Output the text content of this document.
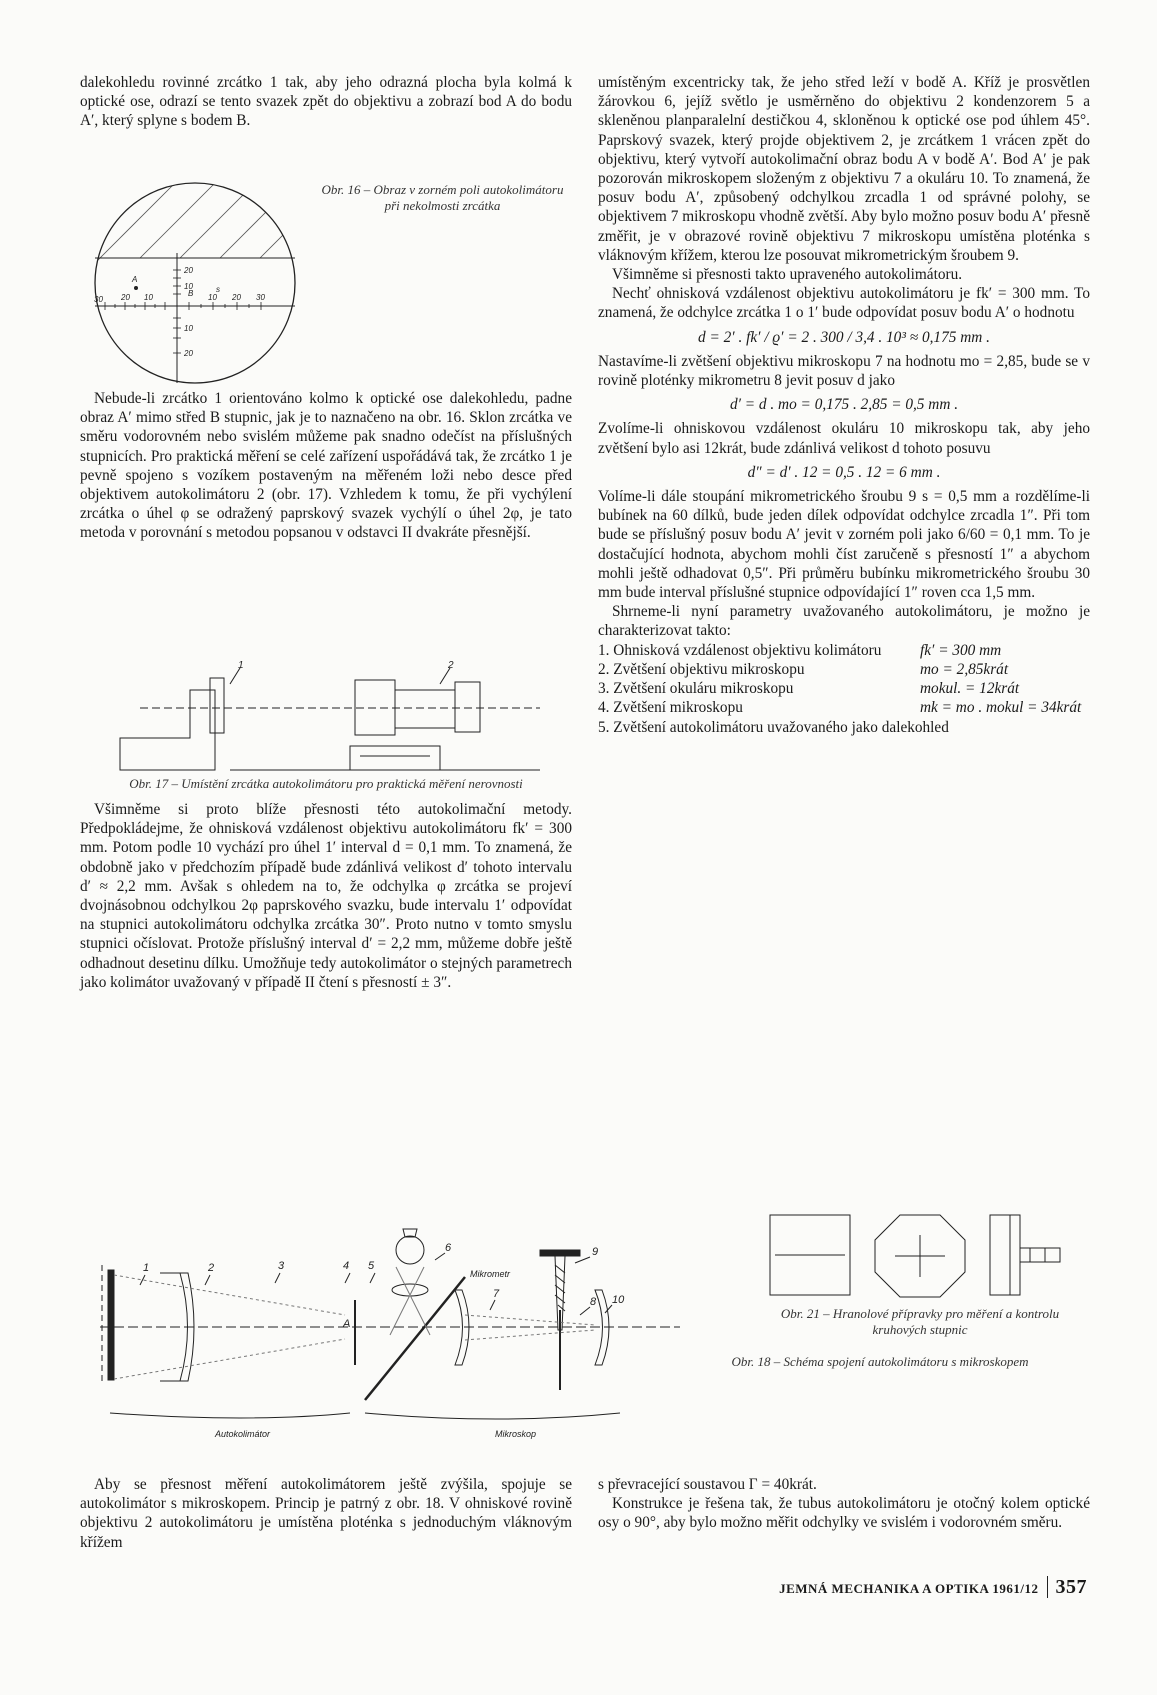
dalekohledu rovinné zrcátko 1 tak, aby jeho odrazná plocha byla kolmá k optické ose, odrazí se tento svazek zpět do objektivu a zobrazí bod A do bodu A′, který splyne s bodem B.

Nebude-li zrcátko 1 orientováno kolmo k optické ose dalekohledu, padne obraz A′ mimo střed B stupnic, jak je to naznačeno na obr. 16. Sklon zrcátka ve směru vodorovném nebo svislém můžeme pak snadno odečíst na příslušných stupnicích. Pro praktická měření se celé zařízení uspořádává tak, že zrcátko 1 je pevně spojeno s vozíkem postaveným na měřeném loži nebo desce před objektivem autokolimátoru 2 (obr. 17). Vzhledem k tomu, že při vychýlení zrcátka o úhel φ se odražený paprskový svazek vychýlí o úhel 2φ, je tato metoda v porovnání s metodou popsanou v odstavci II dvakráte přesnější.

Všimněme si proto blíže přesnosti této autokolimační metody. Předpokládejme, že ohnisková vzdálenost objektivu autokolimátoru fk′ = 300 mm. Potom podle 10 vychází pro úhel 1′ interval d = 0,1 mm. To znamená, že obdobně jako v předchozím případě bude zdánlivá velikost d′ tohoto intervalu d′ ≈ 2,2 mm. Avšak s ohledem na to, že odchylka φ zrcátka se projeví dvojnásobnou odchylkou 2φ paprskového svazku, bude intervalu 1′ odpovídat na stupnici autokolimátoru odchylka zrcátka 30″. Proto nutno v tomto smyslu stupnici očíslovat. Protože příslušný interval d′ = 2,2 mm, můžeme dobře ještě odhadnout desetinu dílku. Umožňuje tedy autokolimátor o stejných parametrech jako kolimátor uvažovaný v případě II čtení s přesností ± 3″.

A
B	s
30 20 10	10 20 30
20
10
10
20
Obr. 16 – Obraz v zorném poli autokolimátoru při nekolmosti zrcátka
1	2
Obr. 17 – Umístění zrcátka autokolimátoru pro praktická měření nerovnosti

umístěným excentricky tak, že jeho střed leží v bodě A. Kříž je prosvětlen žárovkou 6, jejíž světlo je usměrněno do objektivu 2 kondenzorem 5 a skleněnou planparalelní destičkou 4, skloněnou k optické ose pod úhlem 45°. Paprskový svazek, který projde objektivem 2, je zrcátkem 1 vrácen zpět do objektivu, který vytvoří autokolimační obraz bodu A v bodě A′. Bod A′ je pak pozorován mikroskopem složeným z objektivu 7 a okuláru 10. To znamená, že posuv bodu A′, způsobený odchylkou zrcadla 1 od správné polohy, se objektivem 7 mikroskopu vhodně zvětší. Aby bylo možno posuv bodu A′ přesně změřit, je v obrazové rovině objektivu 7 mikroskopu umístěna ploténka s vláknovým křížem, kterou lze posouvat mikrometrickým šroubem 9.

Všimněme si přesnosti takto upraveného autokolimátoru.

Nechť ohnisková vzdálenost objektivu autokolimátoru je fk′ = 300 mm. To znamená, že odchylce zrcátka 1 o 1′ bude odpovídat posuv bodu A′ o hodnotu

d = 2′ . fk′ / ϱ′ = 2 . 300 / 3,4 . 10³ ≈ 0,175 mm .

Nastavíme-li zvětšení objektivu mikroskopu 7 na hodnotu mo = 2,85, bude se v rovině ploténky mikrometru 8 jevit posuv d jako

d′ = d . mo = 0,175 . 2,85 = 0,5 mm .

Zvolíme-li ohniskovou vzdálenost okuláru 10 mikroskopu tak, aby jeho zvětšení bylo asi 12krát, bude zdánlivá velikost d tohoto posuvu

d″ = d′ . 12 = 0,5 . 12 = 6 mm .

Volíme-li dále stoupání mikrometrického šroubu 9 s = 0,5 mm a rozdělíme-li bubínek na 60 dílků, bude jeden dílek odpovídat odchylce zrcadla 1″. Při tom bude se příslušný posuv bodu A′ jevit v zorném poli jako 6/60 = 0,1 mm. To je dostačující hodnota, abychom mohli číst zaručeně s přesností 1″ a abychom mohli ještě odhadovat 0,5″. Při průměru bubínku mikrometrického šroubu 30 mm bude interval příslušné stupnice odpovídající 1″ roven cca 1,5 mm.

Shrneme-li nyní parametry uvažovaného autokolimátoru, je možno je charakterizovat takto:

1. Ohnisková vzdálenost objektivu kolimátoru	fk′ = 300 mm
2. Zvětšení objektivu mikroskopu	mo = 2,85krát
3. Zvětšení okuláru mikroskopu	mokul. = 12krát
4. Zvětšení mikroskopu	mk = mo . mokul = 34krát

5. Zvětšení autokolimátoru uvažovaného jako dalekohled

1	2	3	4 5
6
7
8
9
10
A
Mikrometr
Autokolimátor	Mikroskop
Obr. 21 – Hranolové přípravky pro měření a kontrolu kruhových stupnic
Obr. 18 – Schéma spojení autokolimátoru s mikroskopem

Aby se přesnost měření autokolimátorem ještě zvýšila, spojuje se autokolimátor s mikroskopem. Princip je patrný z obr. 18. V ohniskové rovině objektivu 2 autokolimátoru je umístěna ploténka s jednoduchým vláknovým křížem

s převracející soustavou Γ = 40krát.

Konstrukce je řešena tak, že tubus autokolimátoru je otočný kolem optické osy o 90°, aby bylo možno měřit odchylky ve svislém i vodorovném směru.

JEMNÁ MECHANIKA A OPTIKA 1961/12 357
